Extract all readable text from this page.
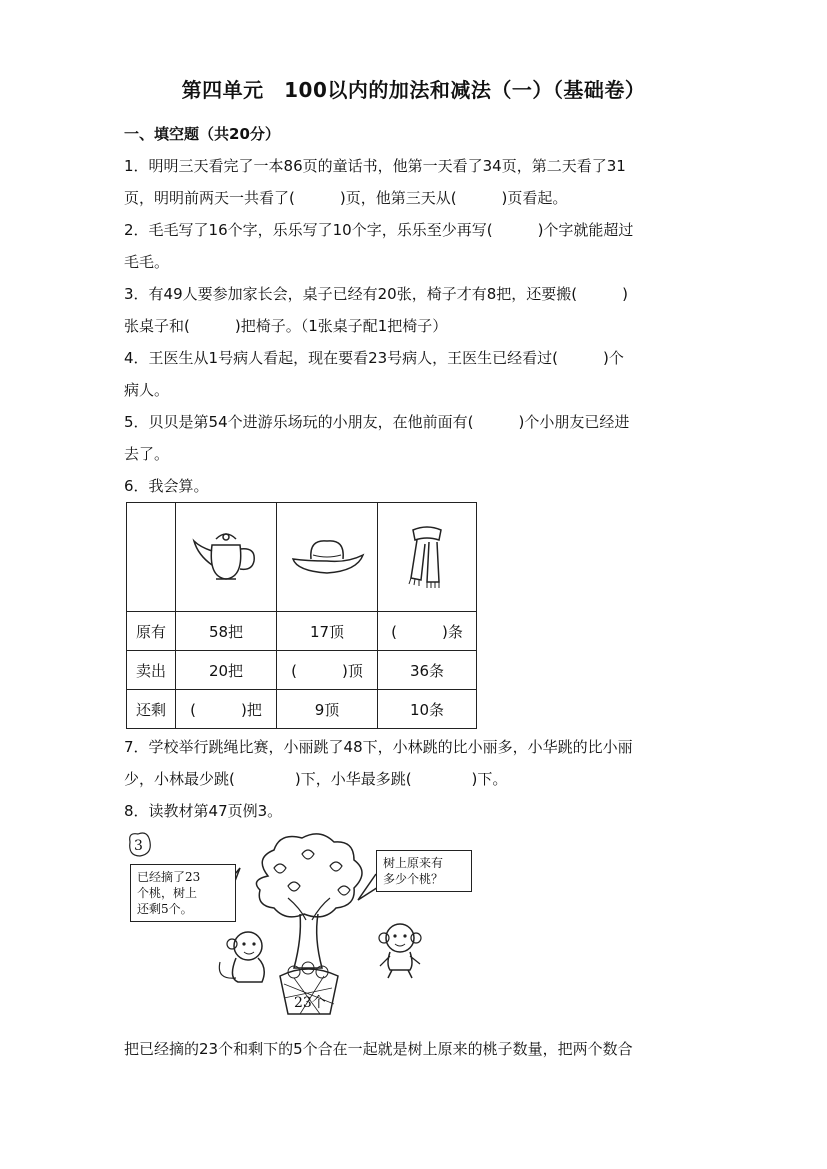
第四单元　100以内的加法和减法（一）（基础卷）
一、填空题（共20分）
1．明明三天看完了一本86页的童话书，他第一天看了34页，第二天看了31
页，明明前两天一共看了(　　　)页，他第三天从(　　　)页看起。
2．毛毛写了16个字，乐乐写了10个字，乐乐至少再写(　　　)个字就能超过
毛毛。
3．有49人要参加家长会，桌子已经有20张，椅子才有8把，还要搬(　　　)
张桌子和(　　　)把椅子。（1张桌子配1把椅子）
4．王医生从1号病人看起，现在要看23号病人，王医生已经看过(　　　)个
病人。
5．贝贝是第54个进游乐场玩的小朋友，在他前面有(　　　)个小朋友已经进
去了。
6．我会算。

原有	58把	17顶	(　　　)条
卖出	20把	(　　　)顶	36条
还剩	(　　　)把	9顶	10条
7．学校举行跳绳比赛，小丽跳了48下，小林跳的比小丽多，小华跳的比小丽
少，小林最少跳(　　　　)下，小华最多跳(　　　　)下。
8．读教材第47页例3。
3
已经摘了23
个桃，树上
还剩5个。
树上原来有
多少个桃？
23个
把已经摘的23个和剩下的5个合在一起就是树上原来的桃子数量，把两个数合
